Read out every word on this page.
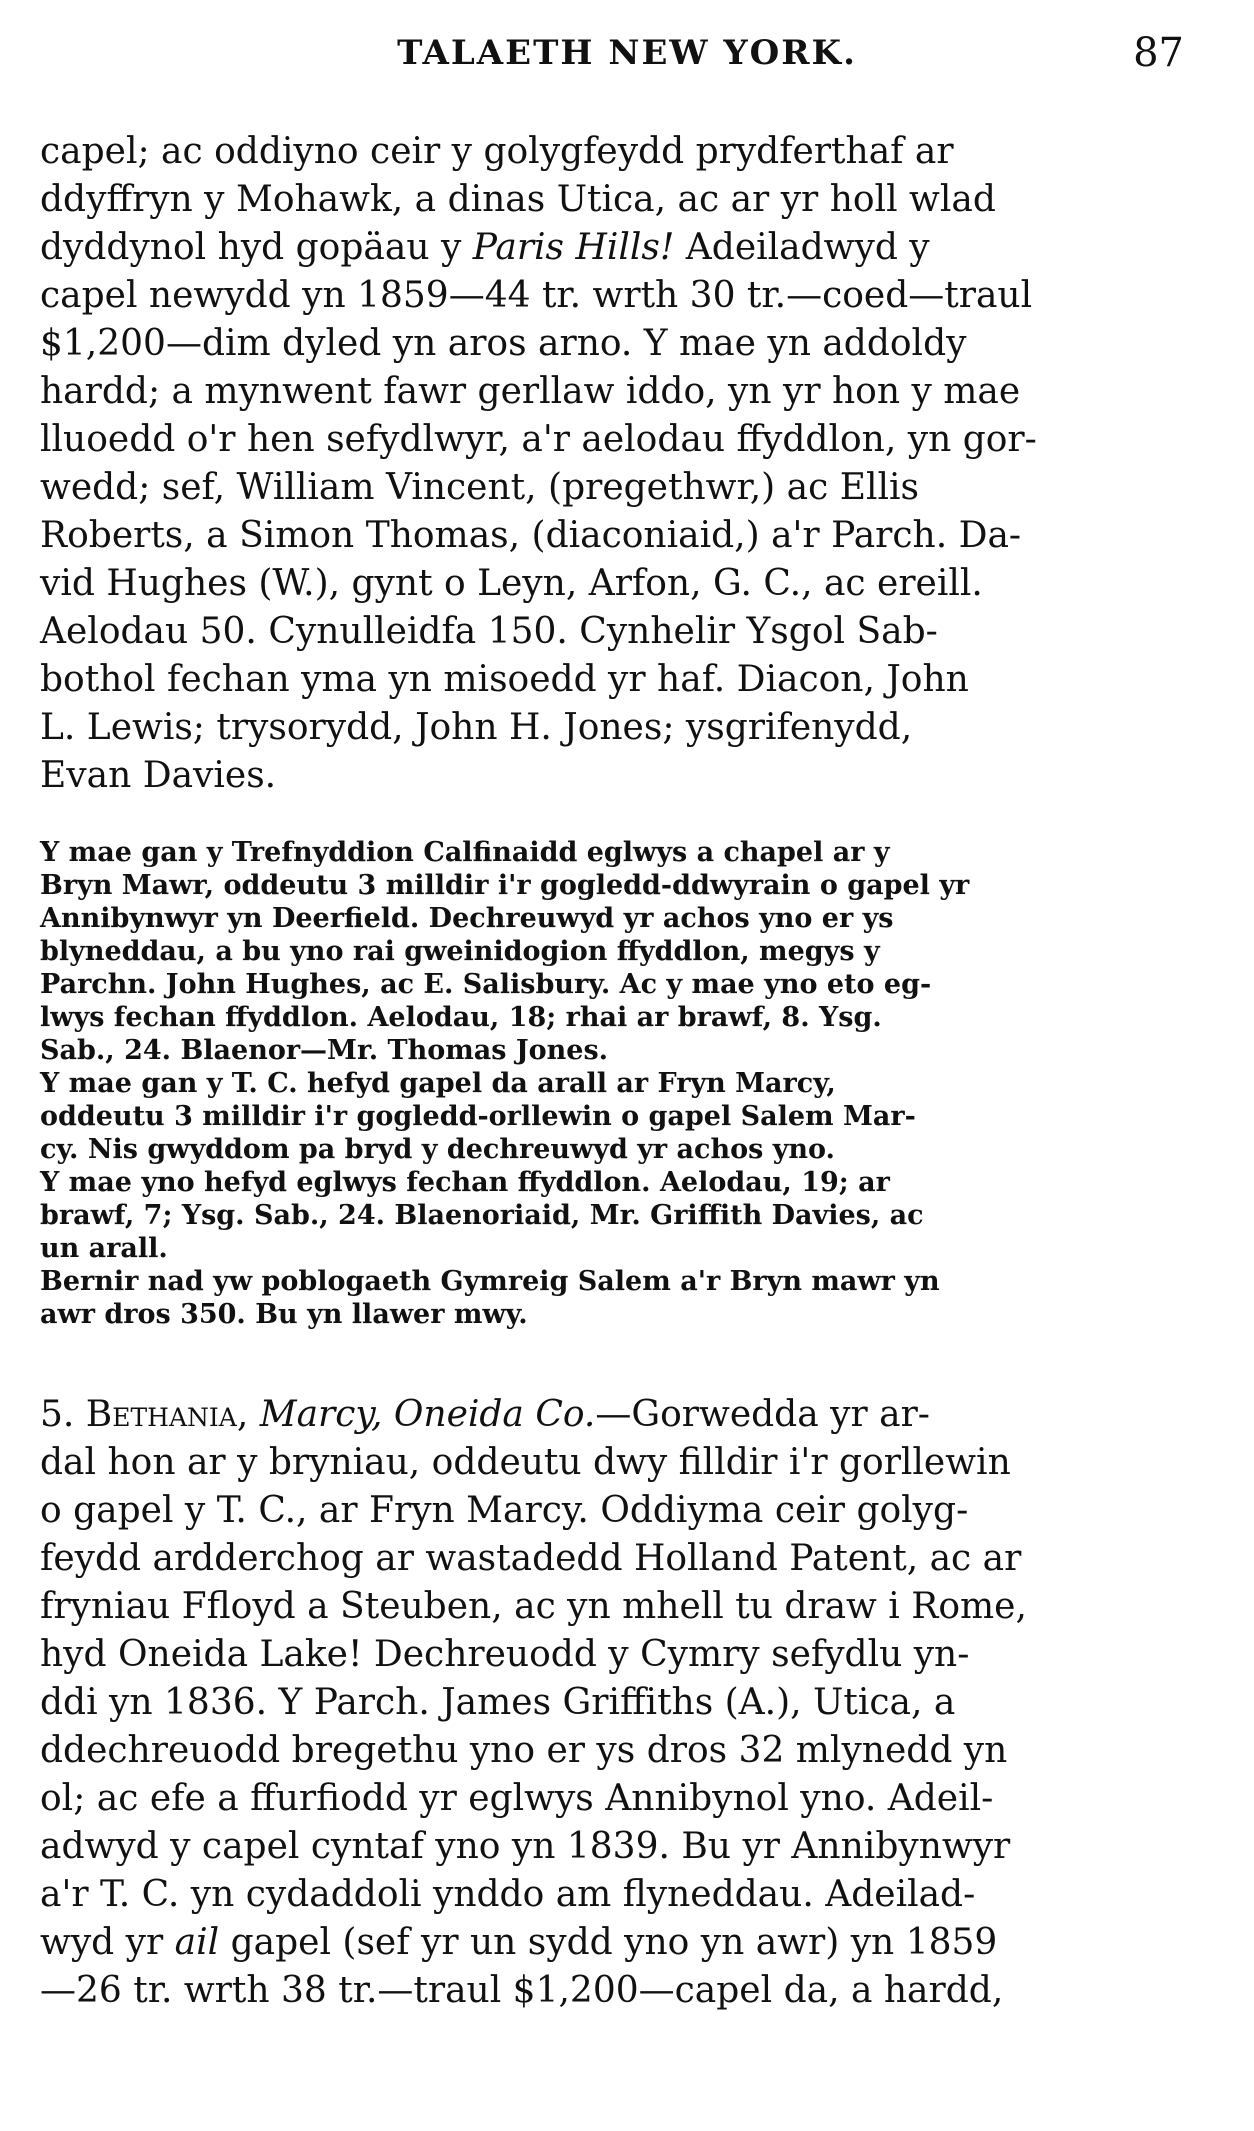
TALAETH NEW YORK.	87
capel; ac oddiyno ceir y golygfeydd prydferthaf ar
ddyffryn y Mohawk, a dinas Utica, ac ar yr holl wlad
dyddynol hyd gopäau y Paris Hills! Adeiladwyd y
capel newydd yn 1859—44 tr. wrth 30 tr.—coed—traul
$1,200—dim dyled yn aros arno. Y mae yn addoldy
hardd; a mynwent fawr gerllaw iddo, yn yr hon y mae
lluoedd o'r hen sefydlwyr, a'r aelodau ffyddlon, yn gor-
wedd; sef, William Vincent, (pregethwr,) ac Ellis
Roberts, a Simon Thomas, (diaconiaid,) a'r Parch. Da-
vid Hughes (W.), gynt o Leyn, Arfon, G. C., ac ereill.
Aelodau 50. Cynulleidfa 150. Cynhelir Ysgol Sab-
bothol fechan yma yn misoedd yr haf. Diacon, John
L. Lewis; trysorydd, John H. Jones; ysgrifenydd,
Evan Davies.
Y mae gan y Trefnyddion Calfinaidd eglwys a chapel ar y
Bryn Mawr, oddeutu 3 milldir i'r gogledd-ddwyrain o gapel yr
Annibynwyr yn Deerfield. Dechreuwyd yr achos yno er ys
blyneddau, a bu yno rai gweinidogion ffyddlon, megys y
Parchn. John Hughes, ac E. Salisbury. Ac y mae yno eto eg-
lwys fechan ffyddlon. Aelodau, 18; rhai ar brawf, 8. Ysg.
Sab., 24. Blaenor—Mr. Thomas Jones.
Y mae gan y T. C. hefyd gapel da arall ar Fryn Marcy,
oddeutu 3 milldir i'r gogledd-orllewin o gapel Salem Mar-
cy. Nis gwyddom pa bryd y dechreuwyd yr achos yno.
Y mae yno hefyd eglwys fechan ffyddlon. Aelodau, 19; ar
brawf, 7; Ysg. Sab., 24. Blaenoriaid, Mr. Griffith Davies, ac
un arall.
Bernir nad yw poblogaeth Gymreig Salem a'r Bryn mawr yn
awr dros 350. Bu yn llawer mwy.
5. Bethania, Marcy, Oneida Co.—Gorwedda yr ar-
dal hon ar y bryniau, oddeutu dwy filldir i'r gorllewin
o gapel y T. C., ar Fryn Marcy. Oddiyma ceir golyg-
feydd ardderchog ar wastadedd Holland Patent, ac ar
fryniau Ffloyd a Steuben, ac yn mhell tu draw i Rome,
hyd Oneida Lake! Dechreuodd y Cymry sefydlu yn-
ddi yn 1836. Y Parch. James Griffiths (A.), Utica, a
ddechreuodd bregethu yno er ys dros 32 mlynedd yn
ol; ac efe a ffurfiodd yr eglwys Annibynol yno. Adeil-
adwyd y capel cyntaf yno yn 1839. Bu yr Annibynwyr
a'r T. C. yn cydaddoli ynddo am flyneddau. Adeilad-
wyd yr ail gapel (sef yr un sydd yno yn awr) yn 1859
—26 tr. wrth 38 tr.—traul $1,200—capel da, a hardd,
